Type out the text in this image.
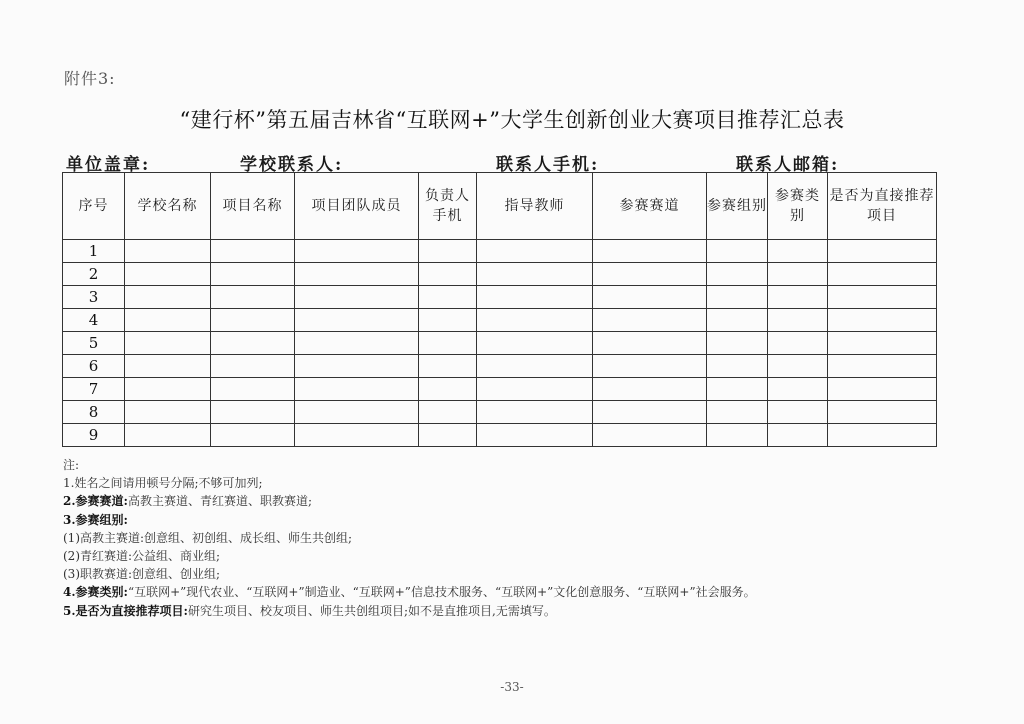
附件3:
“建行杯”第五届吉林省“互联网+”大学生创新创业大赛项目推荐汇总表
单位盖章:	学校联系人:	联系人手机:	联系人邮箱:
序号	学校名称	项目名称	项目团队成员	负责人手机	指导教师	参赛赛道	参赛组别	参赛类别	是否为直接推荐项目
1									
2									
3									
4									
5									
6									
7									
8									
9									
注:
1.姓名之间请用顿号分隔;不够可加列;
2.参赛赛道:高教主赛道、青红赛道、职教赛道;
3.参赛组别:
(1)高教主赛道:创意组、初创组、成长组、师生共创组;
(2)青红赛道:公益组、商业组;
(3)职教赛道:创意组、创业组;
4.参赛类别:“互联网+”现代农业、“互联网+”制造业、“互联网+”信息技术服务、“互联网+”文化创意服务、“互联网+”社会服务。
5.是否为直接推荐项目:研究生项目、校友项目、师生共创组项目;如不是直推项目,无需填写。
-33-
